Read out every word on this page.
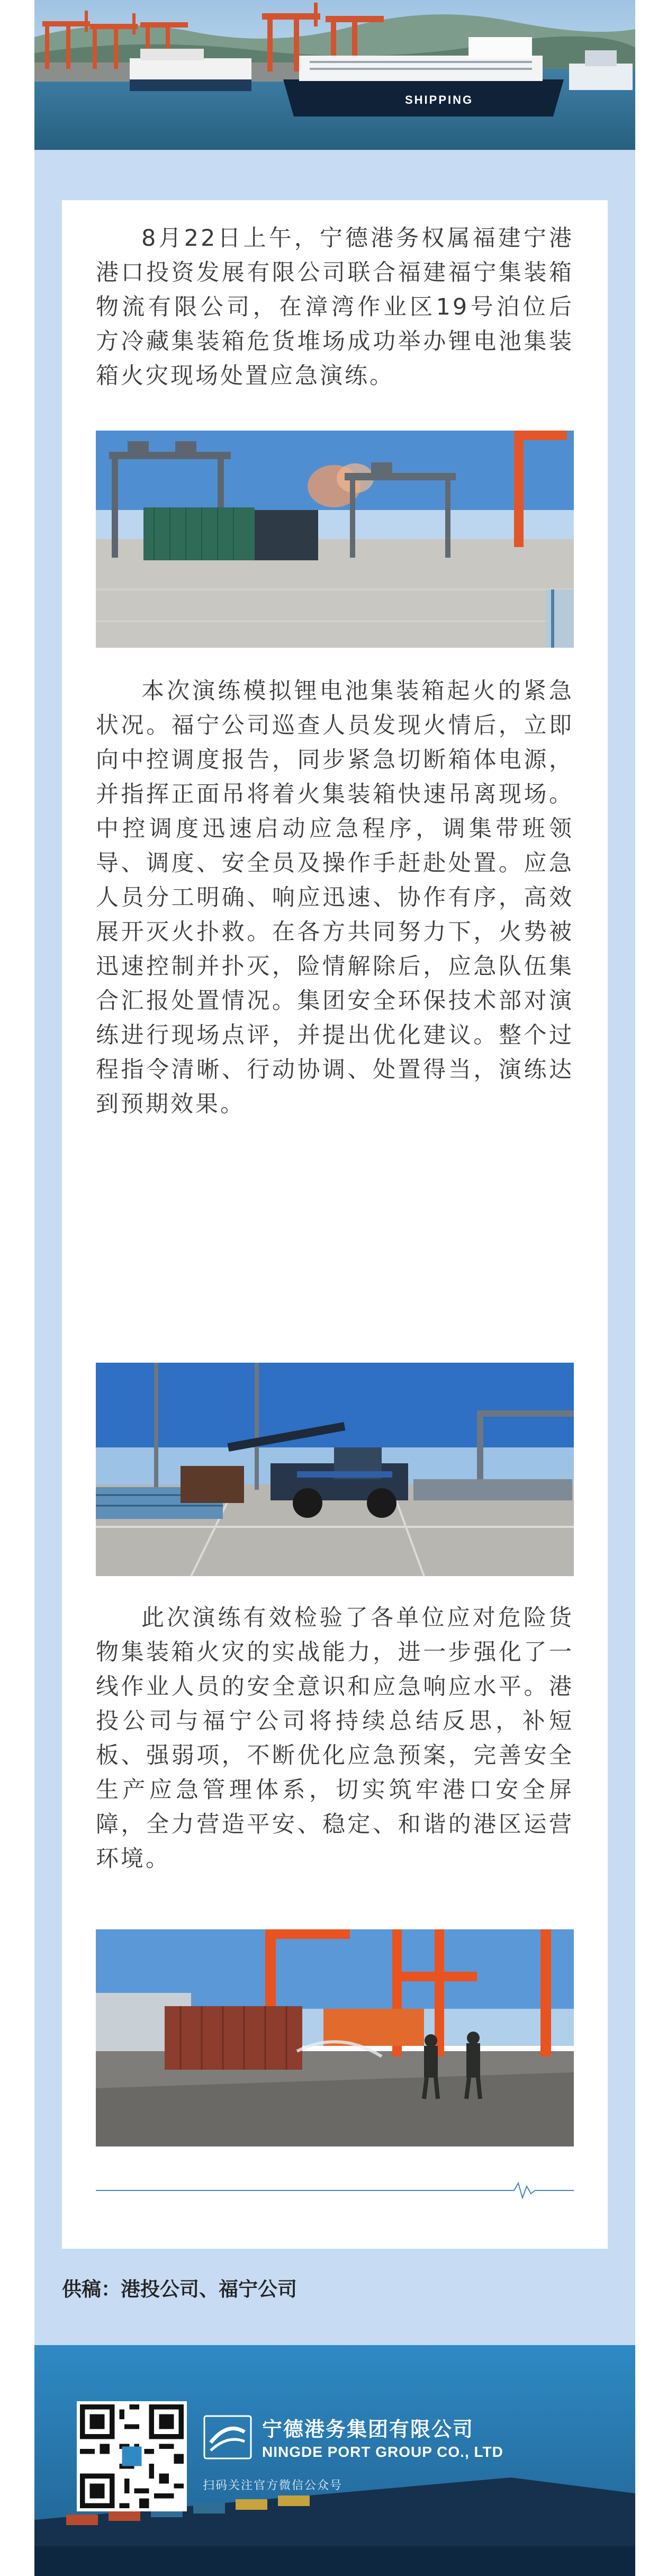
SHIPPING

8月22日上午，宁德港务权属福建宁港港口投资发展有限公司联合福建福宁集装箱物流有限公司，在漳湾作业区19号泊位后方冷藏集装箱危货堆场成功举办锂电池集装箱火灾现场处置应急演练。

本次演练模拟锂电池集装箱起火的紧急状况。福宁公司巡查人员发现火情后，立即向中控调度报告，同步紧急切断箱体电源，并指挥正面吊将着火集装箱快速吊离现场。中控调度迅速启动应急程序，调集带班领导、调度、安全员及操作手赶赴处置。应急人员分工明确、响应迅速、协作有序，高效展开灭火扑救。在各方共同努力下，火势被迅速控制并扑灭，险情解除后，应急队伍集合汇报处置情况。集团安全环保技术部对演练进行现场点评，并提出优化建议。整个过程指令清晰、行动协调、处置得当，演练达到预期效果。

此次演练有效检验了各单位应对危险货物集装箱火灾的实战能力，进一步强化了一线作业人员的安全意识和应急响应水平。港投公司与福宁公司将持续总结反思，补短板、强弱项，不断优化应急预案，完善安全生产应急管理体系，切实筑牢港口安全屏障，全力营造平安、稳定、和谐的港区运营环境。

供稿：港投公司、福宁公司

宁德港务集团有限公司

NINGDE PORT GROUP CO., LTD

扫码关注官方微信公众号
